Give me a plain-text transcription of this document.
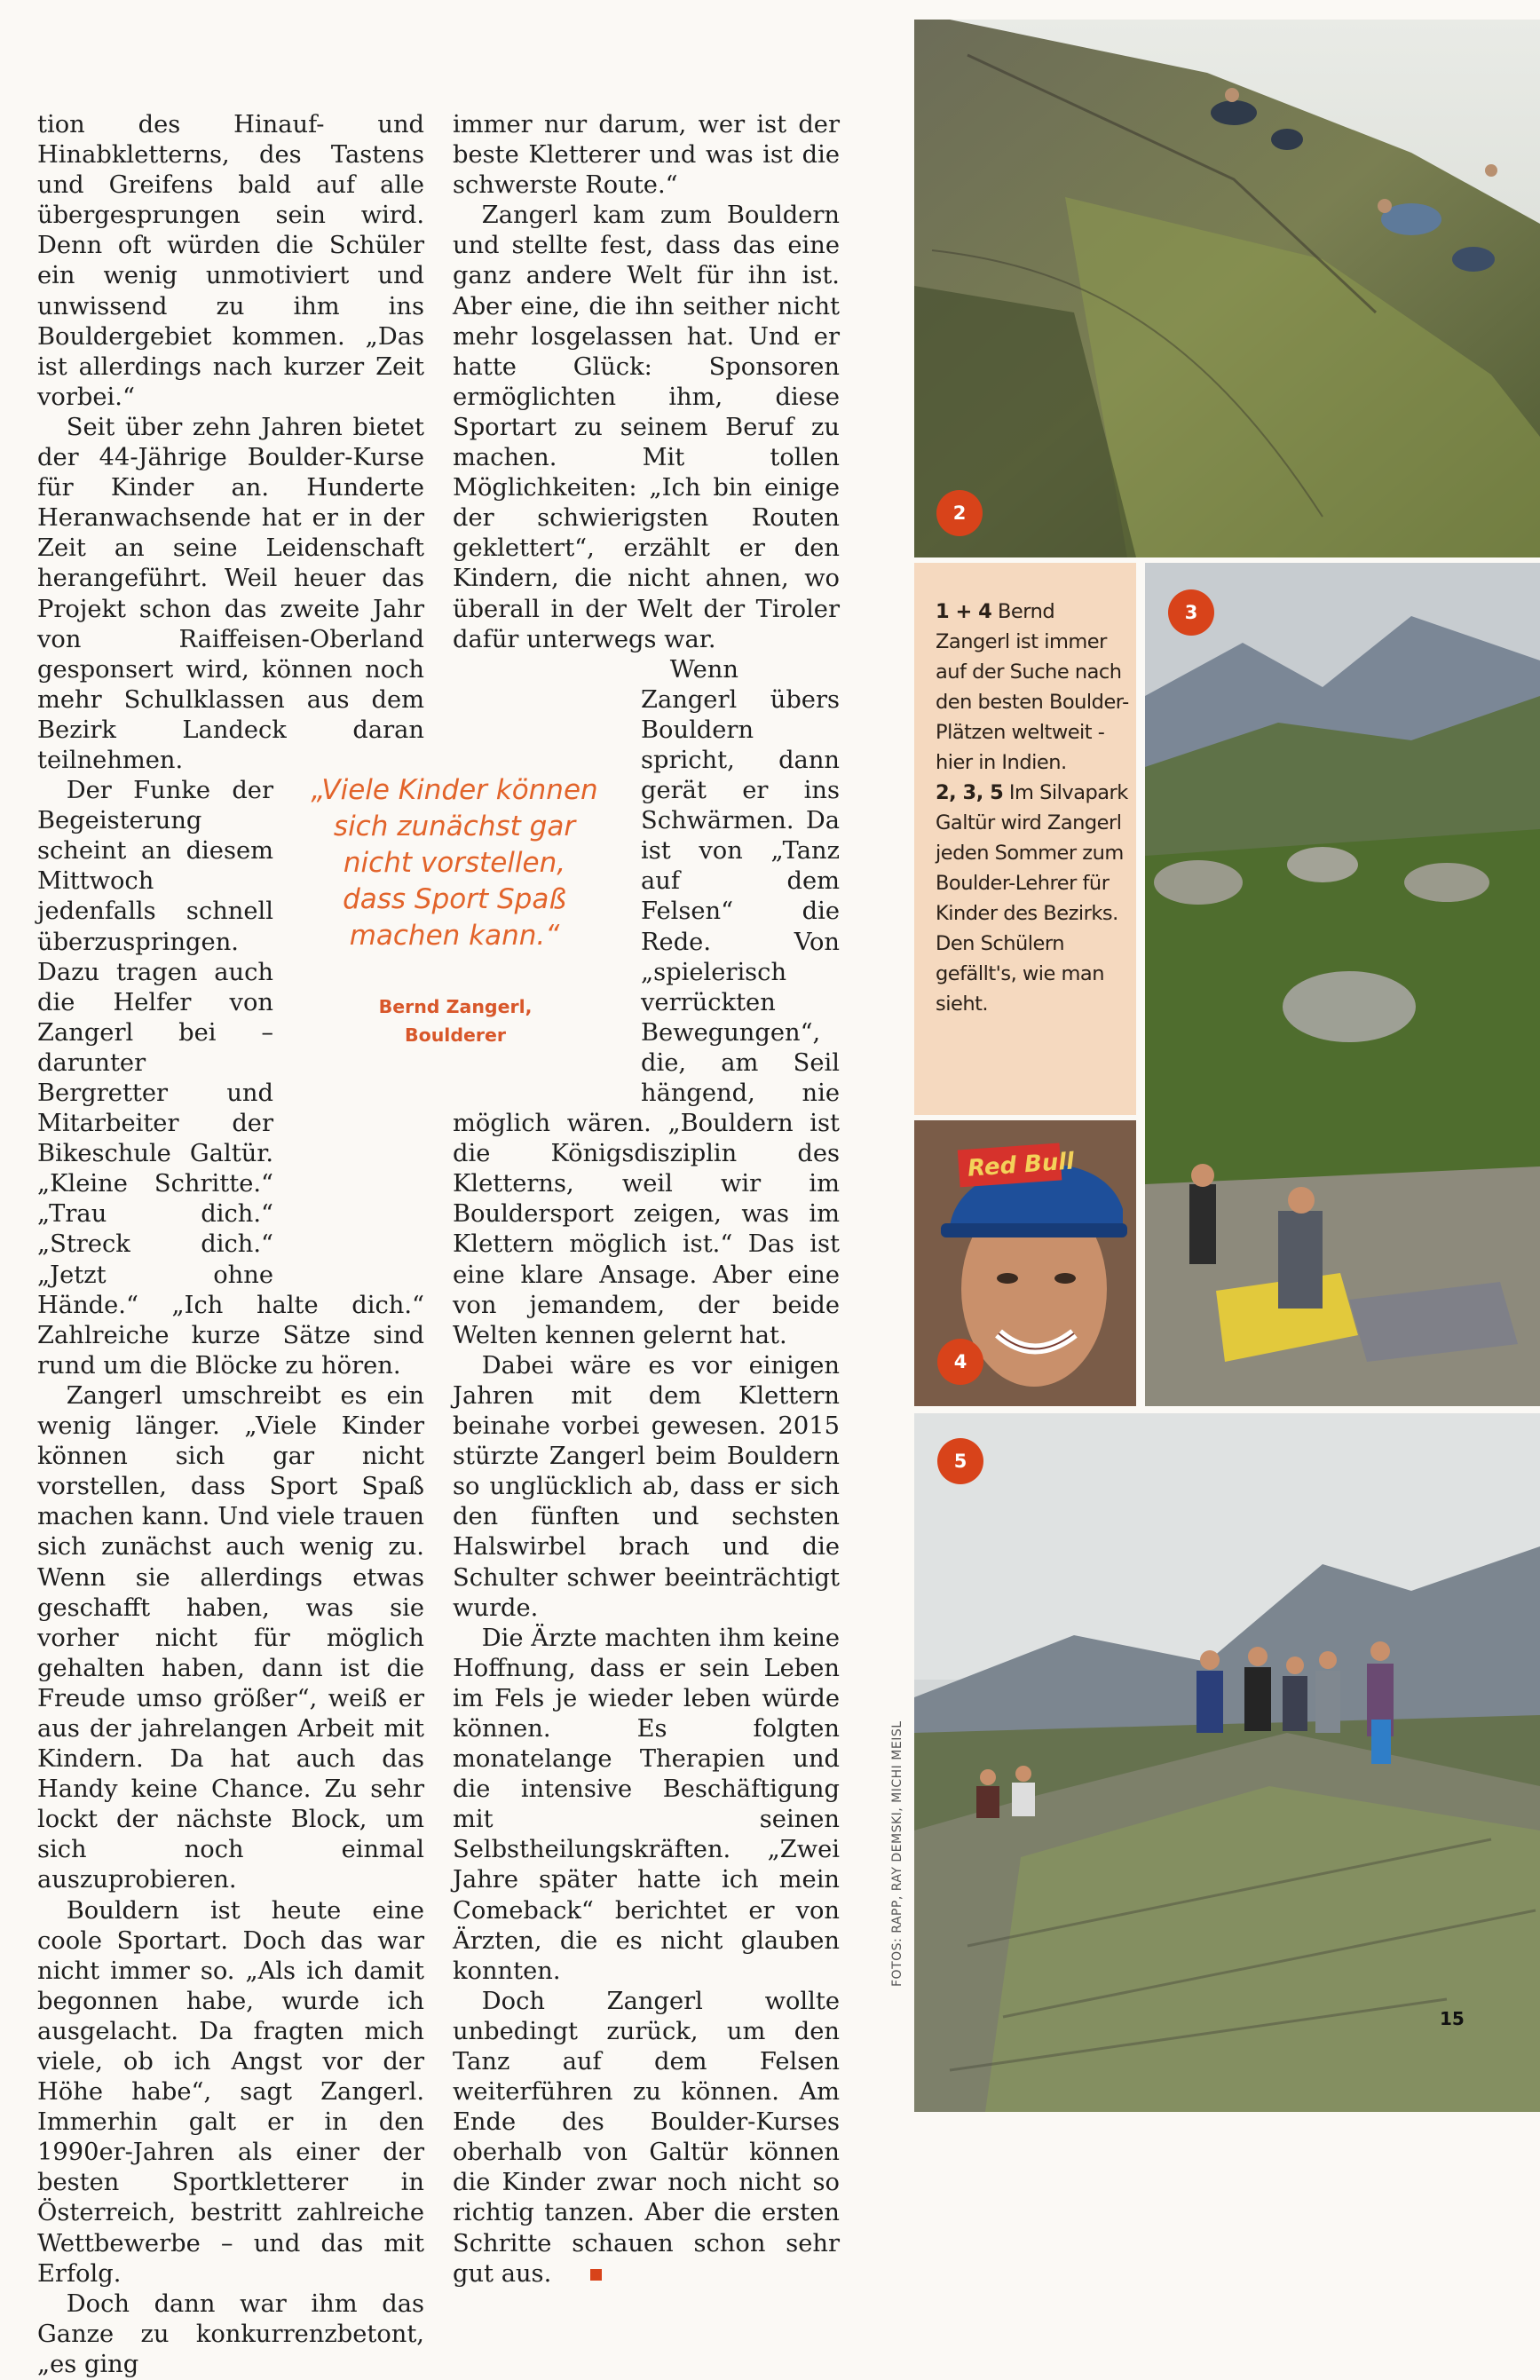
tion des Hinauf- und Hinabkletterns, des Tastens und Greifens bald auf alle übergesprungen sein wird. Denn oft würden die Schüler ein wenig unmotiviert und unwissend zu ihm ins Bouldergebiet kommen. „Das ist allerdings nach kurzer Zeit vorbei.“

Seit über zehn Jahren bietet der 44-Jährige Boulder-Kurse für Kinder an. Hunderte Heranwachsende hat er in der Zeit an seine Leidenschaft herangeführt. Weil heuer das Projekt schon das zweite Jahr von Raiffeisen-Oberland gesponsert wird, können noch mehr Schulklassen aus dem Bezirk Landeck daran teilnehmen.

Der Funke der Begeisterung scheint an diesem Mittwoch jedenfalls schnell überzuspringen. Dazu tragen auch die Helfer von Zangerl bei – darunter Bergretter und Mitarbeiter der Bikeschule Galtür. „Kleine Schritte.“ „Trau dich.“ „Streck dich.“ „Jetzt ohne Hände.“ „Ich halte dich.“ Zahlreiche kurze Sätze sind rund um die Blöcke zu hören.

Zangerl umschreibt es ein wenig länger. „Viele Kinder können sich gar nicht vorstellen, dass Sport Spaß machen kann. Und viele trauen sich zunächst auch wenig zu. Wenn sie allerdings etwas geschafft haben, was sie vorher nicht für möglich gehalten haben, dann ist die Freude umso größer“, weiß er aus der jahrelangen Arbeit mit Kindern. Da hat auch das Handy keine Chance. Zu sehr lockt der nächste Block, um sich noch einmal auszuprobieren.

Bouldern ist heute eine coole Sportart. Doch das war nicht immer so. „Als ich damit begonnen habe, wurde ich ausgelacht. Da fragten mich viele, ob ich Angst vor der Höhe habe“, sagt Zangerl. Immerhin galt er in den 1990er-Jahren als einer der besten Sportkletterer in Österreich, bestritt zahlreiche Wettbewerbe – und das mit Erfolg.

Doch dann war ihm das Ganze zu konkurrenzbetont, „es ging

immer nur darum, wer ist der beste Kletterer und was ist die schwerste Route.“

Zangerl kam zum Bouldern und stellte fest, dass das eine ganz andere Welt für ihn ist. Aber eine, die ihn seither nicht mehr losgelassen hat. Und er hatte Glück: Sponsoren ermöglichten ihm, diese Sportart zu seinem Beruf zu machen. Mit tollen Möglichkeiten: „Ich bin einige der schwierigsten Routen geklettert“, erzählt er den Kindern, die nicht ahnen, wo überall in der Welt der Tiroler dafür unterwegs war.

Wenn Zangerl übers Bouldern spricht, dann gerät er ins Schwärmen. Da ist von „Tanz auf dem Felsen“ die Rede. Von „spielerisch verrückten Bewegungen“, die, am Seil hängend, nie möglich wären. „Bouldern ist die Königsdisziplin des Kletterns, weil wir im Bouldersport zeigen, was im Klettern möglich ist.“ Das ist eine klare Ansage. Aber eine von jemandem, der beide Welten kennen gelernt hat.

Dabei wäre es vor einigen Jahren mit dem Klettern beinahe vorbei gewesen. 2015 stürzte Zangerl beim Bouldern so unglücklich ab, dass er sich den fünften und sechsten Halswirbel brach und die Schulter schwer beeinträchtigt wurde.

Die Ärzte machten ihm keine Hoffnung, dass er sein Leben im Fels je wieder leben würde können. Es folgten monatelange Therapien und die intensive Beschäftigung mit seinen Selbstheilungskräften. „Zwei Jahre später hatte ich mein Comeback“ berichtet er von Ärzten, die es nicht glauben konnten.

Doch Zangerl wollte unbedingt zurück, um den Tanz auf dem Felsen weiterführen zu können. Am Ende des Boulder-Kurses oberhalb von Galtür können die Kinder zwar noch nicht so richtig tanzen. Aber die ersten Schritte schauen schon sehr gut aus.

„Viele Kinder können sich zunächst gar nicht vorstellen, dass Sport Spaß machen kann.“
Bernd Zangerl,
Boulderer
2
1 + 4 Bernd Zangerl ist immer auf der Suche nach den besten Boulder-Plätzen weltweit - hier in Indien.
2, 3, 5 Im Silvapark Galtür wird Zangerl jeden Sommer zum Boulder-Lehrer für Kinder des Bezirks. Den Schülern gefällt's, wie man sieht.
Red Bull
4
3
5
FOTOS: RAPP, RAY DEMSKI, MICHI MEISL
15
